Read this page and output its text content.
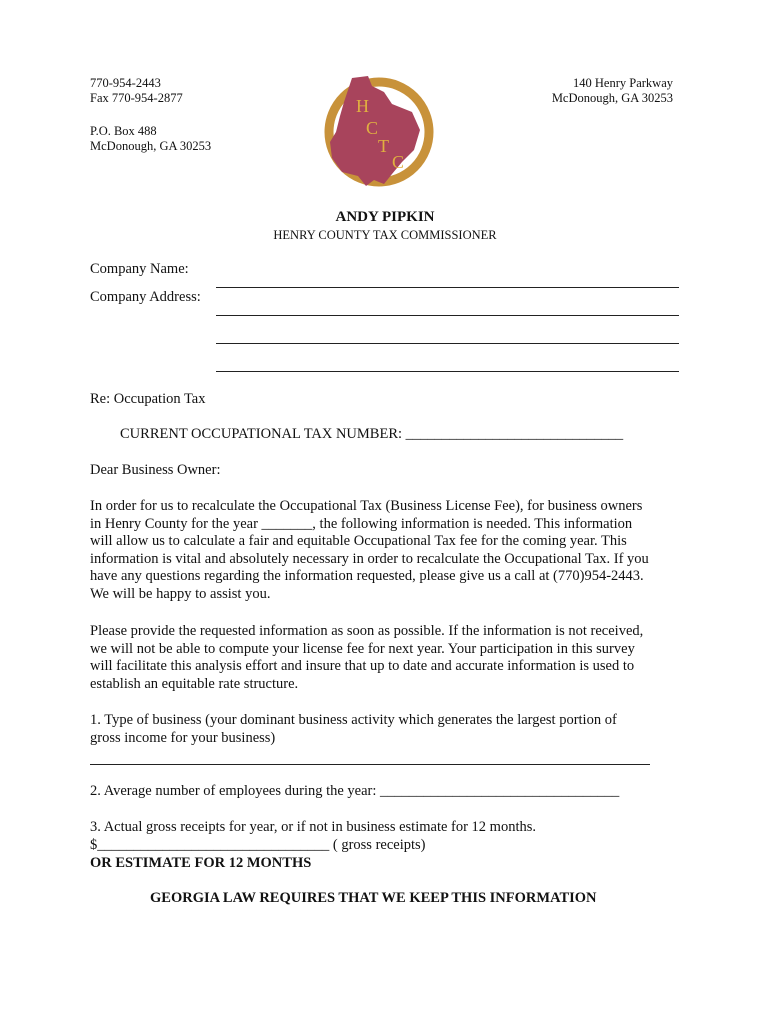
770-954-2443
Fax 770-954-2877
P.O. Box 488
McDonough, GA 30253
140 Henry Parkway
McDonough, GA 30253
H
C
T
C
ANDY PIPKIN
HENRY COUNTY TAX COMMISSIONER
Company Name:
Company Address:
Re: Occupation Tax
CURRENT OCCUPATIONAL TAX NUMBER: ______________________________
Dear Business Owner:
In order for us to recalculate the Occupational Tax (Business License Fee), for business owners
in Henry County for the year _______, the following information is needed. This information
will allow us to calculate a fair and equitable Occupational Tax fee for the coming year. This
information is vital and absolutely necessary in order to recalculate the Occupational Tax. If you
have any questions regarding the information requested, please give us a call at (770)954-2443.
We will be happy to assist you.
Please provide the requested information as soon as possible. If the information is not received,
we will not be able to compute your license fee for next year. Your participation in this survey
will facilitate this analysis effort and insure that up to date and accurate information is used to
establish an equitable rate structure.
1. Type of business (your dominant business activity which generates the largest portion of
gross income for your business)
2. Average number of employees during the year: _________________________________
3. Actual gross receipts for year, or if not in business estimate for 12 months.
$________________________________ ( gross receipts)
OR ESTIMATE FOR 12 MONTHS
GEORGIA LAW REQUIRES THAT WE KEEP THIS INFORMATION
